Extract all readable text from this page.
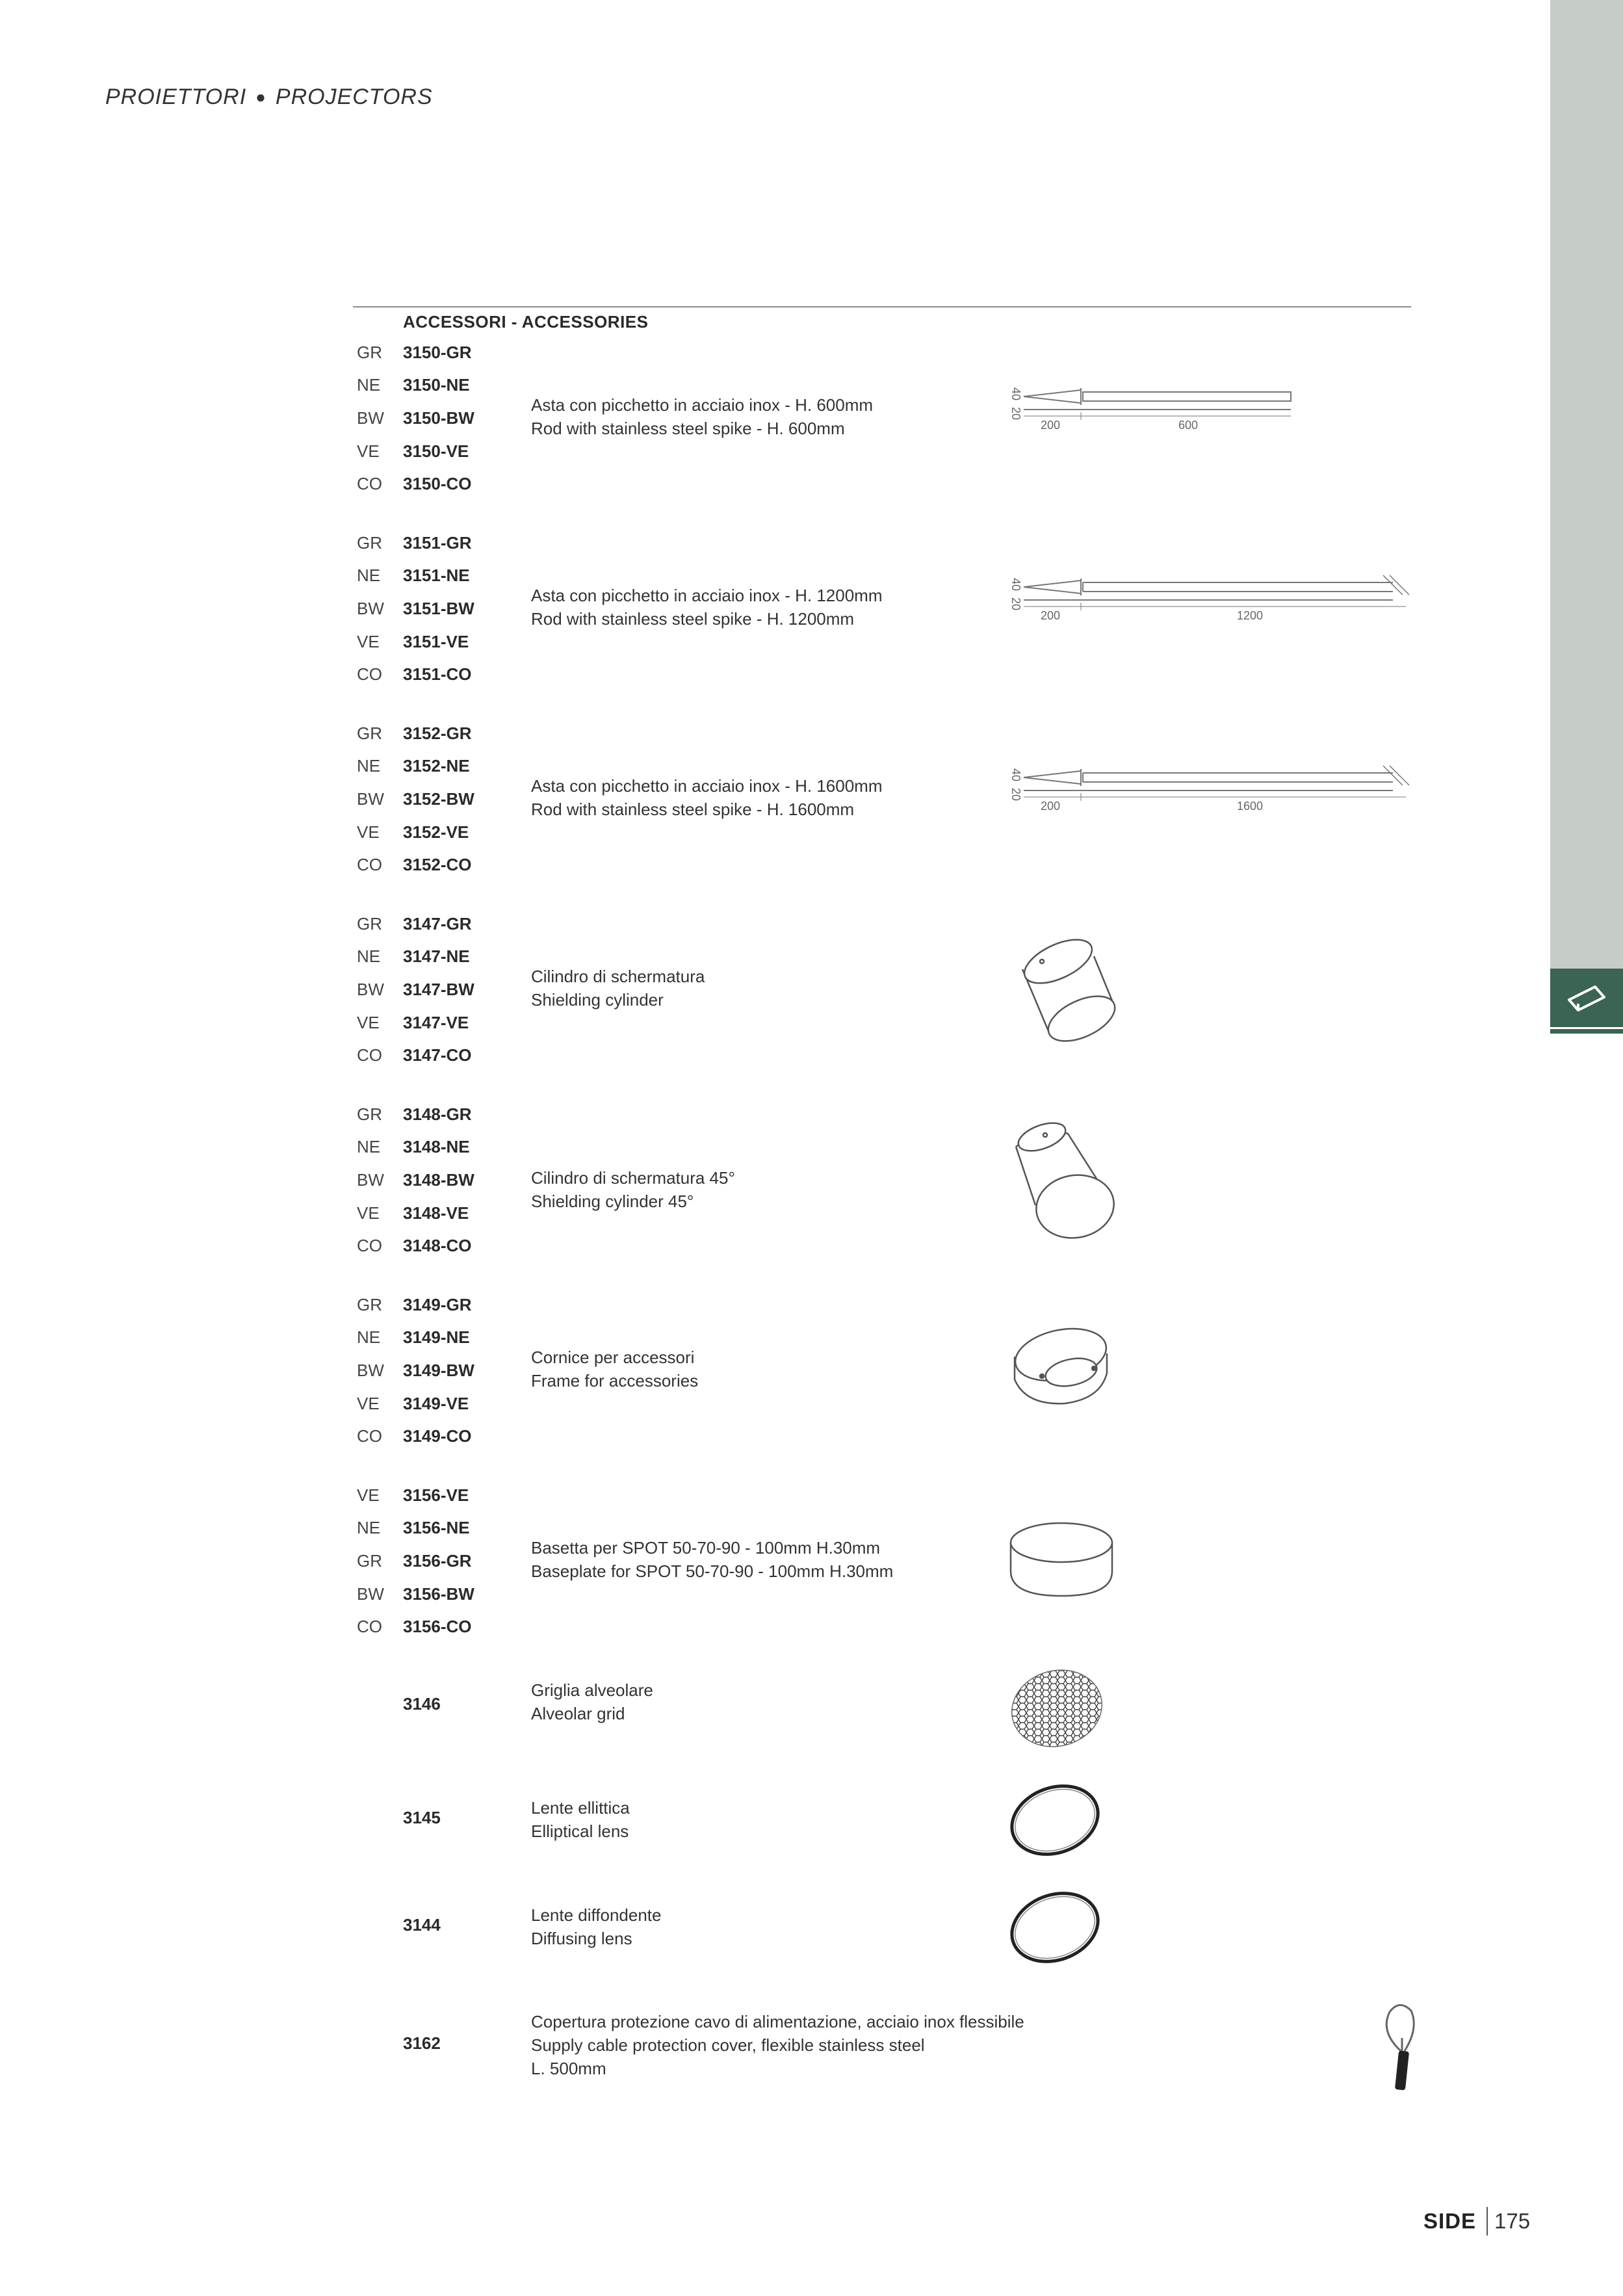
PROIETTORI ● PROJECTORS
ACCESSORI - ACCESSORIES
GR	3150-GR
NE	3150-NE
BW	3150-BW
VE	3150-VE
CO	3150-CO
Asta con picchetto in acciaio inox - H. 600mm
Rod with stainless steel spike - H. 600mm
40
20
200	600
GR	3151-GR
NE	3151-NE
BW	3151-BW
VE	3151-VE
CO	3151-CO
Asta con picchetto in acciaio inox - H. 1200mm
Rod with stainless steel spike - H. 1200mm
40
20
200	1200
GR	3152-GR
NE	3152-NE
BW	3152-BW
VE	3152-VE
CO	3152-CO
Asta con picchetto in acciaio inox - H. 1600mm
Rod with stainless steel spike - H. 1600mm
40
20
200	1600
GR	3147-GR
NE	3147-NE
BW	3147-BW
VE	3147-VE
CO	3147-CO
Cilindro di schermatura
Shielding cylinder
GR	3148-GR
NE	3148-NE
BW	3148-BW
VE	3148-VE
CO	3148-CO
Cilindro di schermatura 45°
Shielding cylinder 45°
GR	3149-GR
NE	3149-NE
BW	3149-BW
VE	3149-VE
CO	3149-CO
Cornice per accessori
Frame for accessories
VE	3156-VE
NE	3156-NE
GR	3156-GR
BW	3156-BW
CO	3156-CO
Basetta per SPOT 50-70-90 - 100mm H.30mm
Baseplate for SPOT 50-70-90 - 100mm H.30mm
3146
Griglia alveolare
Alveolar grid
3145	Lente ellittica
Elliptical lens
3144	Lente diffondente
Diffusing lens
3162
Copertura protezione cavo di alimentazione, acciaio inox flessibile
Supply cable protection cover, flexible stainless steel
L. 500mm
SIDE 175
